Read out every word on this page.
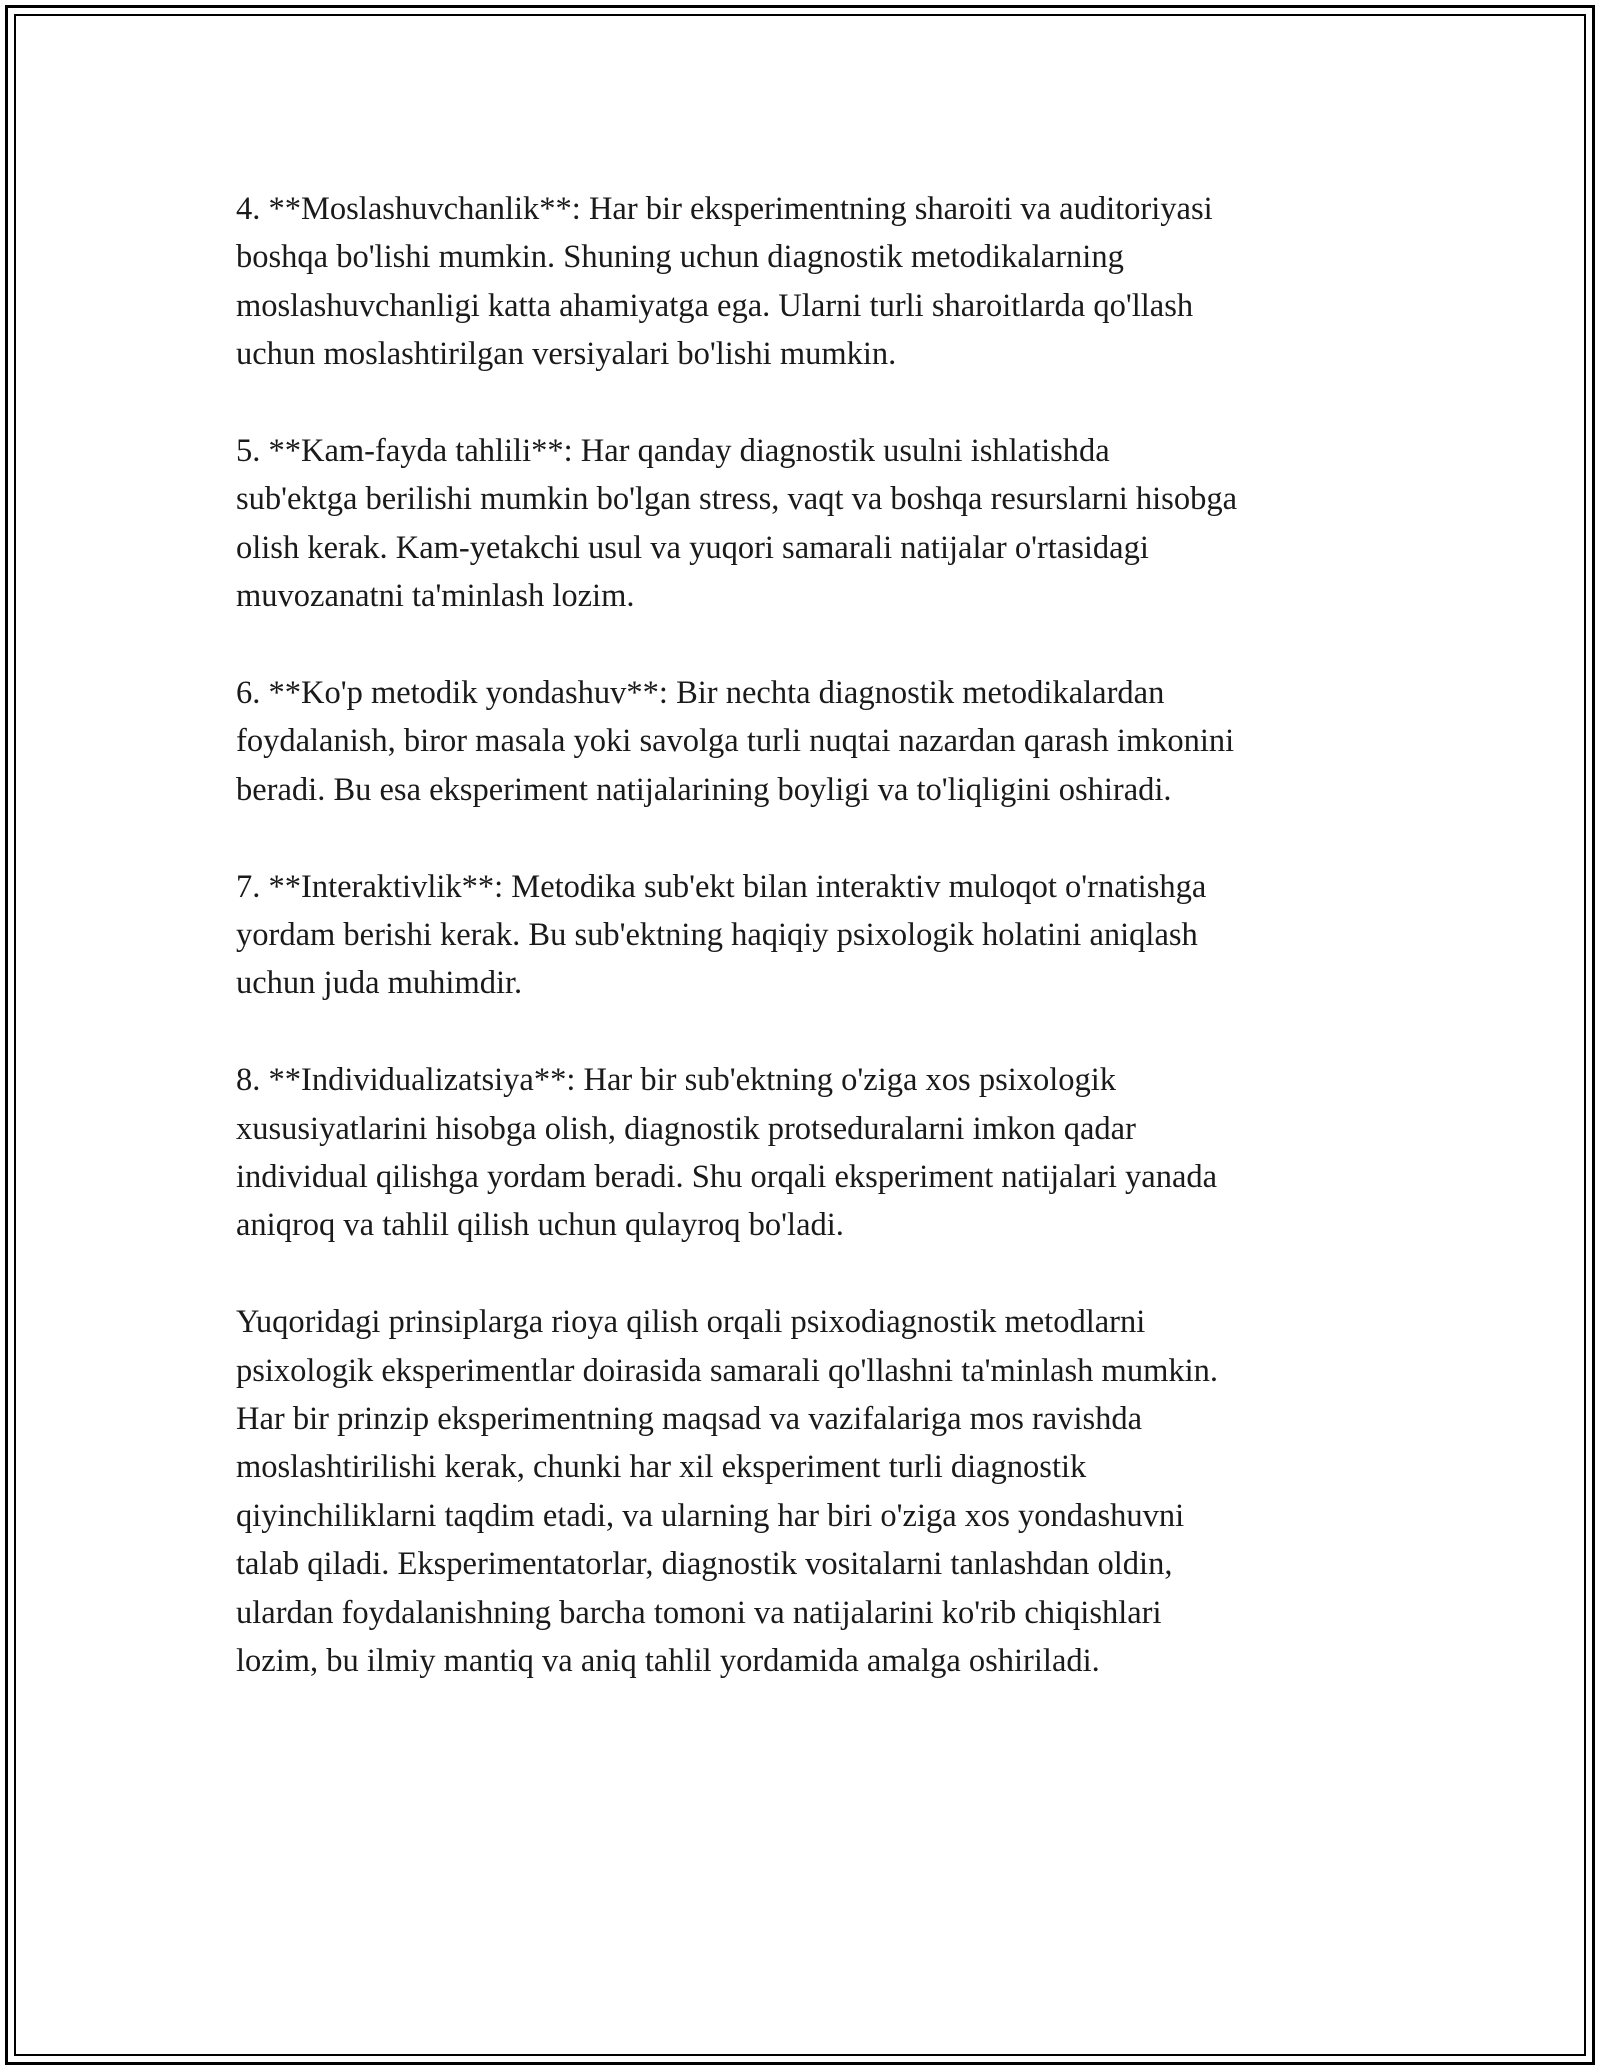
4. **Moslashuvchanlik**: Har bir eksperimentning sharoiti va auditoriyasi
boshqa bo'lishi mumkin. Shuning uchun diagnostik metodikalarning
moslashuvchanligi katta ahamiyatga ega. Ularni turli sharoitlarda qo'llash
uchun moslashtirilgan versiyalari bo'lishi mumkin.

5. **Kam-fayda tahlili**: Har qanday diagnostik usulni ishlatishda
sub'ektga berilishi mumkin bo'lgan stress, vaqt va boshqa resurslarni hisobga
olish kerak. Kam-yetakchi usul va yuqori samarali natijalar o'rtasidagi
muvozanatni ta'minlash lozim.

6. **Ko'p metodik yondashuv**: Bir nechta diagnostik metodikalardan
foydalanish, biror masala yoki savolga turli nuqtai nazardan qarash imkonini
beradi. Bu esa eksperiment natijalarining boyligi va to'liqligini oshiradi.

7. **Interaktivlik**: Metodika sub'ekt bilan interaktiv muloqot o'rnatishga
yordam berishi kerak. Bu sub'ektning haqiqiy psixologik holatini aniqlash
uchun juda muhimdir.

8. **Individualizatsiya**: Har bir sub'ektning o'ziga xos psixologik
xususiyatlarini hisobga olish, diagnostik protseduralarni imkon qadar
individual qilishga yordam beradi. Shu orqali eksperiment natijalari yanada
aniqroq va tahlil qilish uchun qulayroq bo'ladi.

Yuqoridagi prinsiplarga rioya qilish orqali psixodiagnostik metodlarni
psixologik eksperimentlar doirasida samarali qo'llashni ta'minlash mumkin.
Har bir prinzip eksperimentning maqsad va vazifalariga mos ravishda
moslashtirilishi kerak, chunki har xil eksperiment turli diagnostik
qiyinchiliklarni taqdim etadi, va ularning har biri o'ziga xos yondashuvni
talab qiladi. Eksperimentatorlar, diagnostik vositalarni tanlashdan oldin,
ulardan foydalanishning barcha tomoni va natijalarini ko'rib chiqishlari
lozim, bu ilmiy mantiq va aniq tahlil yordamida amalga oshiriladi.
